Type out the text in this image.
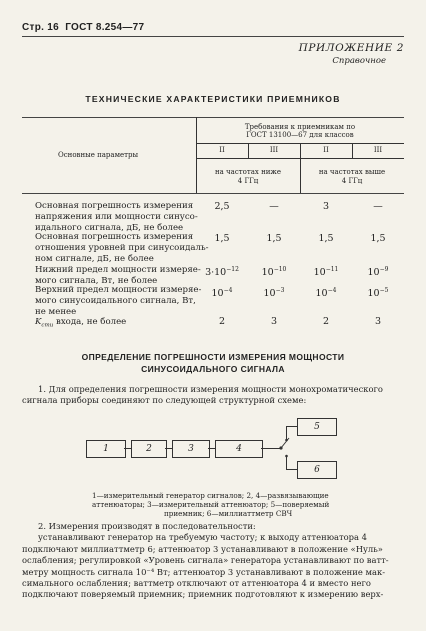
Стр. 16 ГОСТ 8.254—77
ПРИЛОЖЕНИЕ 2
Справочное
ТЕХНИЧЕСКИЕ ХАРАКТЕРИСТИКИ ПРИЕМНИКОВ
Основные параметры
Требования к приемникам по
ГОСТ 13100—67 для классов
II	III	II	III
на частотах ниже
4 ГГц
на частотах выше
4 ГГц
Основная погрешность измерения
напряжения или мощности синусо-
идального сигнала, дБ, не более
2,5	—	3	—
Основная погрешность измерения
отношения уровней при синусоидаль-
ном сигнале, дБ, не более
1,5	1,5	1,5	1,5
Нижний предел мощности измеряе-
мого сигнала, Вт, не более
$3\cdot 10^{-12}$	$10^{-10}$	$10^{-11}$	$10^{-9}$
Верхний предел мощности измеряе-
мого синусоидального сигнала, Вт,
не менее
$10^{-4}$	$10^{-3}$	$10^{-4}$	$10^{-5}$
$K_{сти}$ входа, не более	2	3	2	3
ОПРЕДЕЛЕНИЕ ПОГРЕШНОСТИ ИЗМЕРЕНИЯ МОЩНОСТИ
СИНУСОИДАЛЬНОГО СИГНАЛА
1. Для определения погрешности измерения мощности монохроматического
сигнала приборы соединяют по следующей структурной схеме:
1	2	3	4
5
6
1—измерительный генератор сигналов; 2, 4—развязывающие
аттенюаторы; 3—измерительный аттенюатор; 5—поверяемый
приемник; 6—миллиаттметр СВЧ
2. Измерения производят в последовательности:
устанавливают генератор на требуемую частоту; к выходу аттенюатора 4
подключают миллиаттметр 6; аттенюатор 3 устанавливают в положение «Нуль»
ослабления; регулировкой «Уровень сигнала» генератора устанавливают по ватт-
метру мощность сигнала 10⁻⁴ Вт; аттенюатор 3 устанавливают в положение мак-
симального ослабления; ваттметр отключают от аттенюатора 4 и вместо него
подключают поверяемый приемник; приемник подготовляют к измерению верх-
